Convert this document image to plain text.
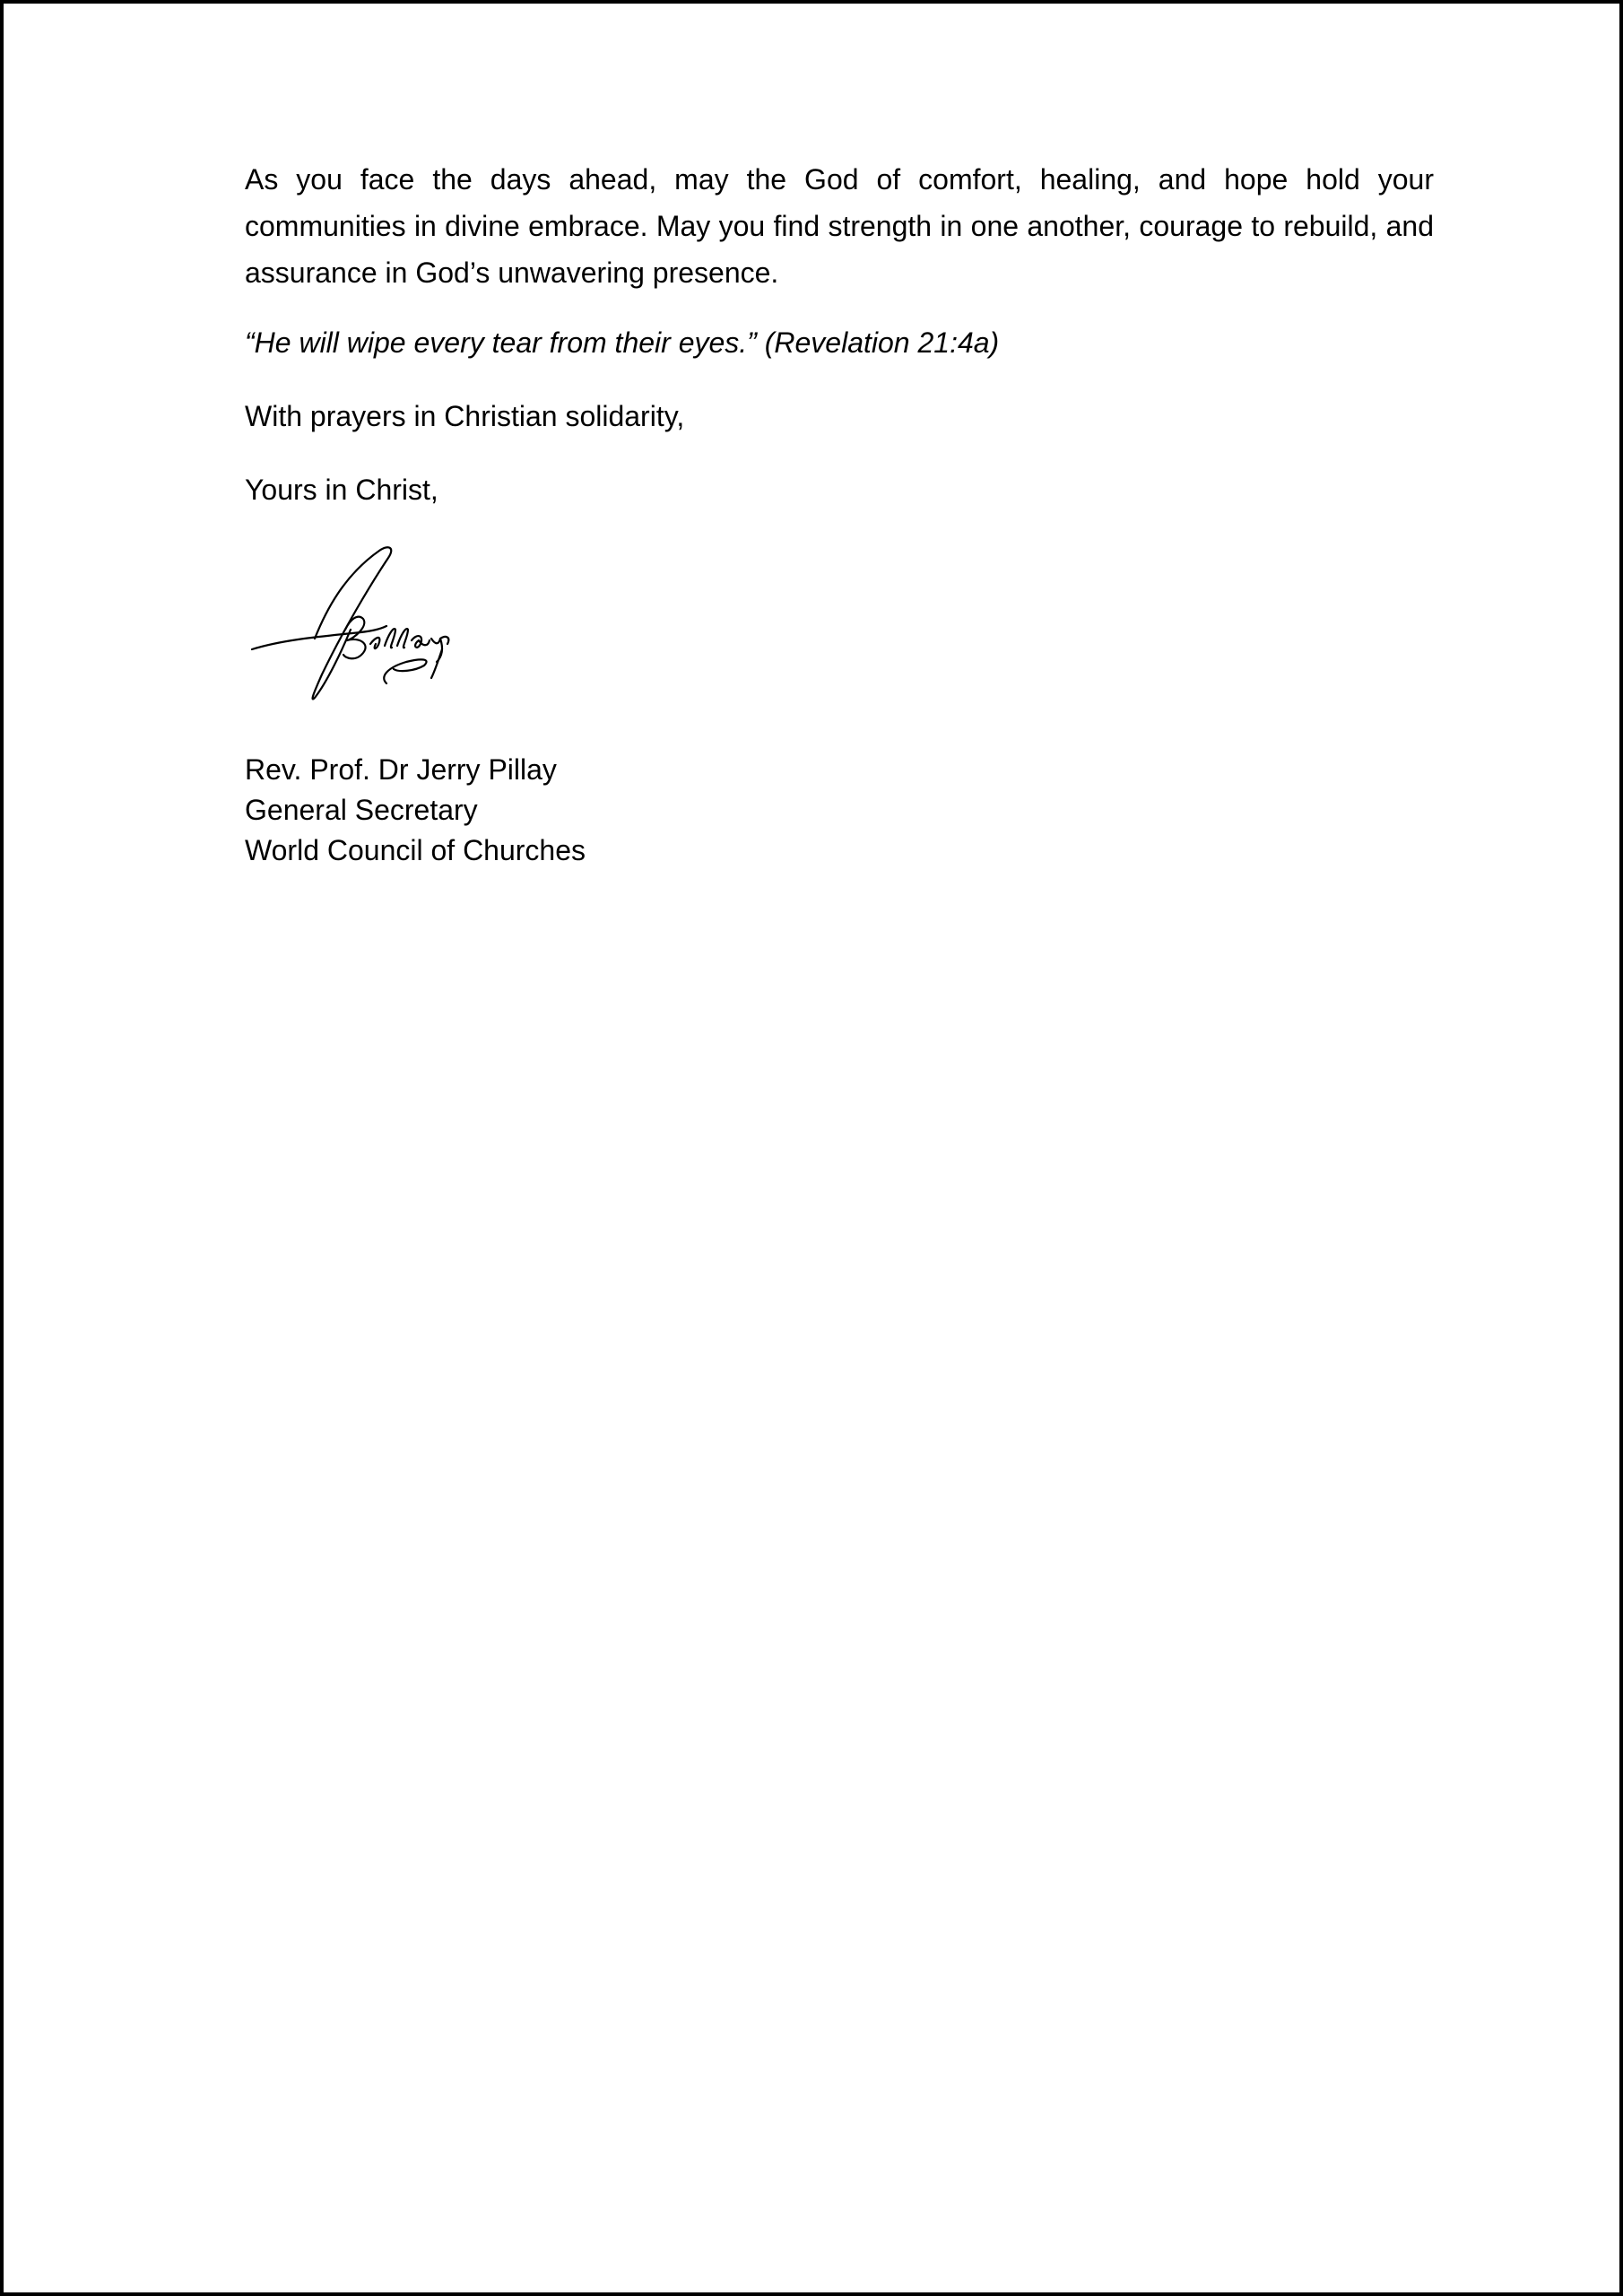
As you face the days ahead, may the God of comfort, healing, and hope hold your communities in divine embrace. May you find strength in one another, courage to rebuild, and assurance in God’s unwavering presence.

“He will wipe every tear from their eyes.” (Revelation 21:4a)

With prayers in Christian solidarity,

Yours in Christ,

Rev. Prof. Dr Jerry Pillay
General Secretary
World Council of Churches
